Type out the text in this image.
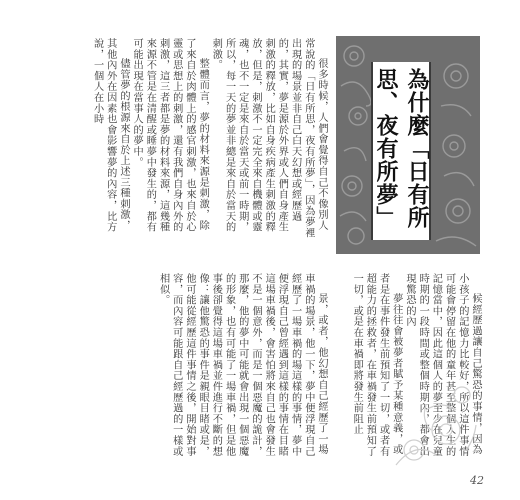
為什麼「日有所思、夜有所夢」

很多時候，人們會覺得自己不像別人常說的「日有所思，夜有所夢」，因為夢裡出現的場景並非自己白天幻想或經歷過的，其實，夢是源於外界或人們自身產生刺激的釋放，比如自身疾病產生刺激的釋放，但是，刺激不一定完全來自機體或靈魂，也不一定是來自於當天或前一時期，所以，每一天的夢並非總是來自於當天的刺激。

整體而言，夢的材料來源是刺激，除了來自於肉體上的感官刺激，也來自於心靈或思想上的刺激，還有我們自身內外的刺激，這三者都是夢的材料來源，這幾種來源不管是在清醒或睡夢中發生的，都有可能出現在當事人的夢中。

儘管夢的根源來自於上述三種刺激，其他內外在因素也會影響夢的內容，比方說，一個人在小時

景，或者，他幻想自己經歷了一場車禍的場景，他一下，夢中便浮現自己經歷了一場車禍的場這樣的事情，夢中便浮現自己曾經遇到這樣的事情在目睹這場車禍後，會害怕將來自己也會發生不是一個意外，而是一個惡魔的詭計，那麼，他的夢中可能就會出現一個惡魔的形象，也有可能了一場車禍，但是他事後卻覺得這場車禍並件進行不斷的想像：讓他驚恐的事件是親眼目睹或是，他可能從經歷這件事情之後，開始對事容，而內容可能跟自己經歷過的一樣或相似。

候經歷過讓自己驚恐的事情，因為小孩子的記憶力比較好，所以這件事情可能會停留在他的童年甚至整個人生的記憶當中，因此這個人的夢至少在兒童時期的一段時間或整個時期內，都會出現驚恐的內

夢往往會被夢者賦予某種意義，或者是在事件發生前預知了一切，或者有超能力的拯救者，在車禍發生前預知了一切，或是在車禍即將發生前阻止

42
